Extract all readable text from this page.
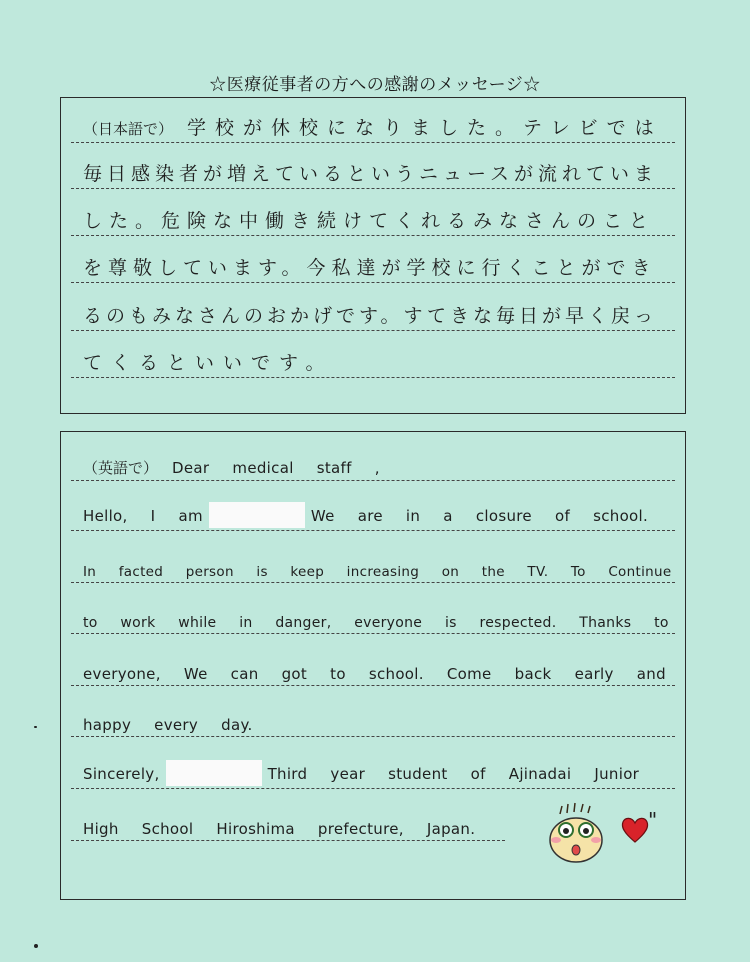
☆医療従事者の方への感謝のメッセージ☆
（日本語で） 学校が休校になりました。テレビでは
毎日感染者が増えているというニュースが流れていま
した。危険な中働き続けてくれるみなさんのこと
を尊敬しています。今私達が学校に行くことができ
るのもみなさんのおかげです。すてきな毎日が早く戻っ
てくるといいです。
（英語で） Dear medical staff ,
Hello, I am	We are in a closure of school.
In facted person is keep increasing on the TV. To Continue
to work while in danger, everyone is respected. Thanks to
everyone, We can got to school. Come back early and
happy every day.
Sincerely,	Third year student of Ajinadai Junior
High School Hiroshima prefecture, Japan.	"
